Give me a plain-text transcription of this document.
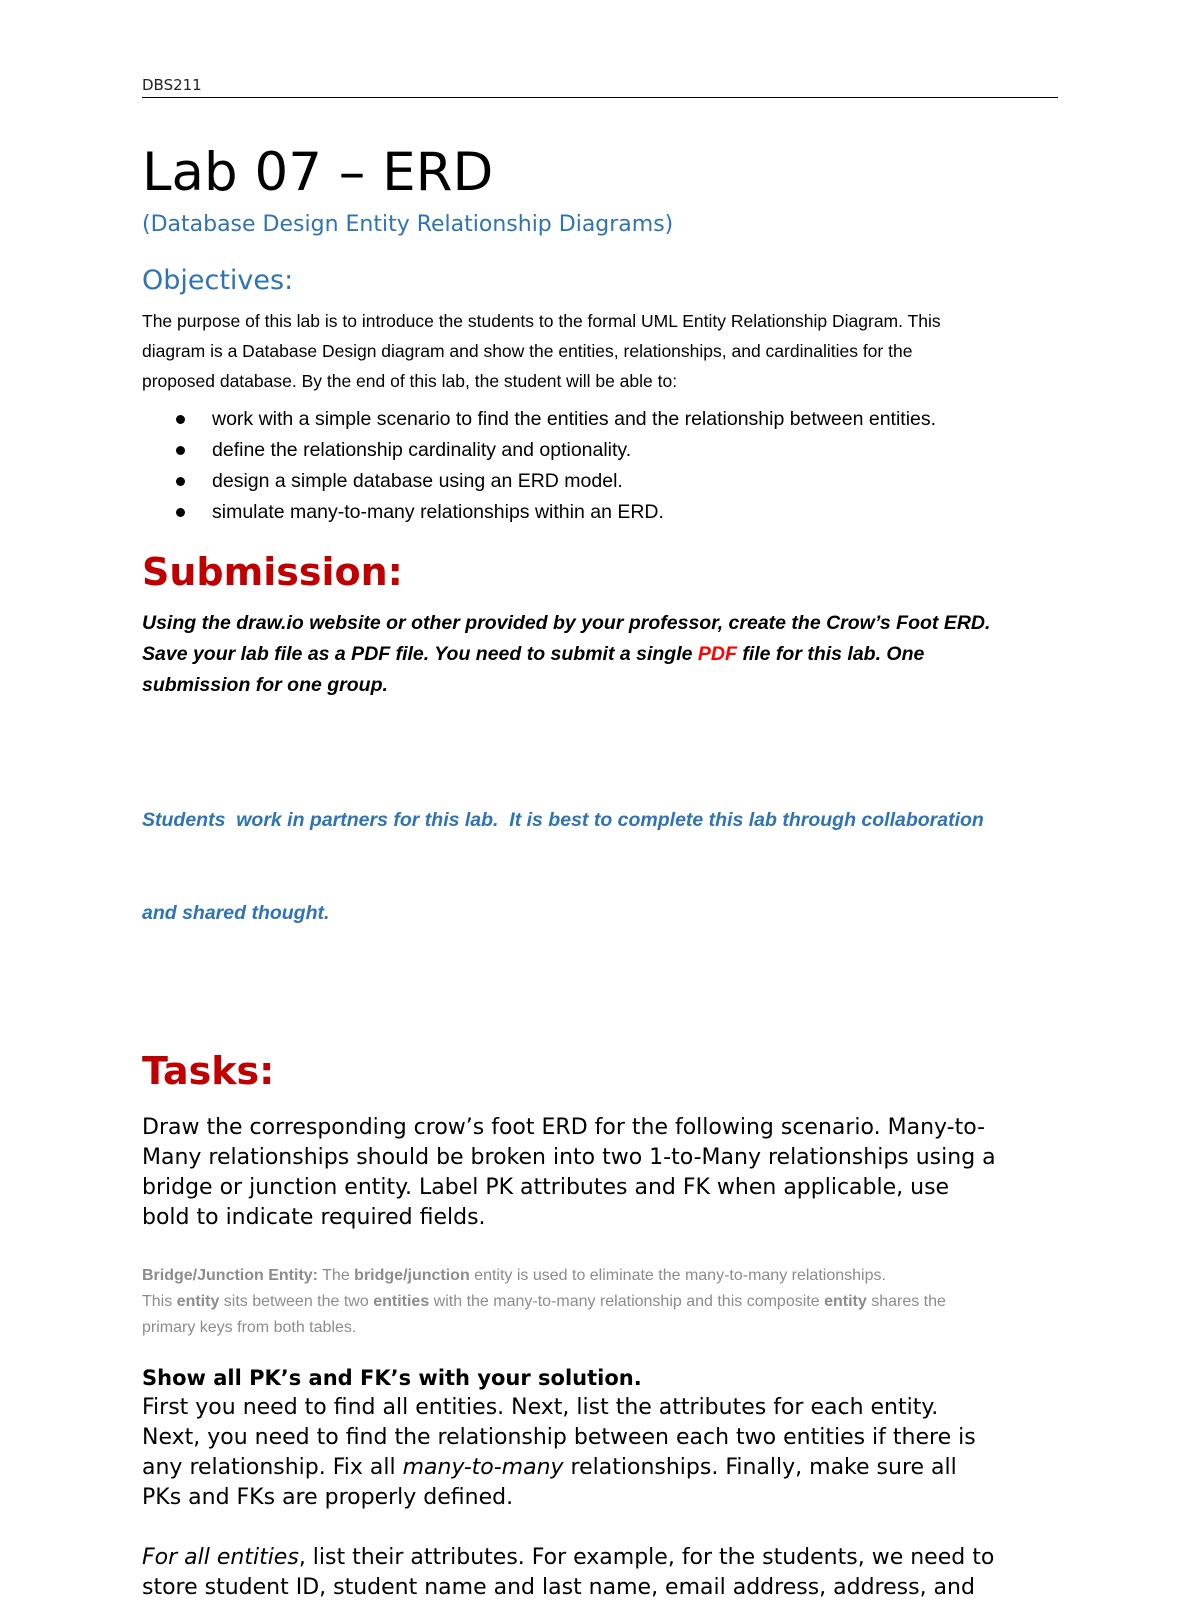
DBS211
Lab 07 – ERD
(Database Design Entity Relationship Diagrams)
Objectives:
The purpose of this lab is to introduce the students to the formal UML Entity Relationship Diagram. This
diagram is a Database Design diagram and show the entities, relationships, and cardinalities for the
proposed database. By the end of this lab, the student will be able to:
work with a simple scenario to find the entities and the relationship between entities.
define the relationship cardinality and optionality.
design a simple database using an ERD model.
simulate many-to-many relationships within an ERD.
Submission:
Using the draw.io website or other provided by your professor, create the Crow’s Foot ERD.
Save your lab file as a PDF file. You need to submit a single PDF file for this lab. One
submission for one group.

Students  work in partners for this lab.  It is best to complete this lab through collaboration

and shared thought.

Tasks:
Draw the corresponding crow’s foot ERD for the following scenario. Many-to-
Many relationships should be broken into two 1-to-Many relationships using a
bridge or junction entity. Label PK attributes and FK when applicable, use
bold to indicate required fields.
Bridge/Junction Entity: The bridge/junction entity is used to eliminate the many-to-many relationships.
This entity sits between the two entities with the many-to-many relationship and this composite entity shares the
primary keys from both tables.
Show all PK’s and FK’s with your solution.
First you need to find all entities. Next, list the attributes for each entity.
Next, you need to find the relationship between each two entities if there is
any relationship. Fix all many-to-many relationships. Finally, make sure all
PKs and FKs are properly defined.
For all entities, list their attributes. For example, for the students, we need to
store student ID, student name and last name, email address, address, and
